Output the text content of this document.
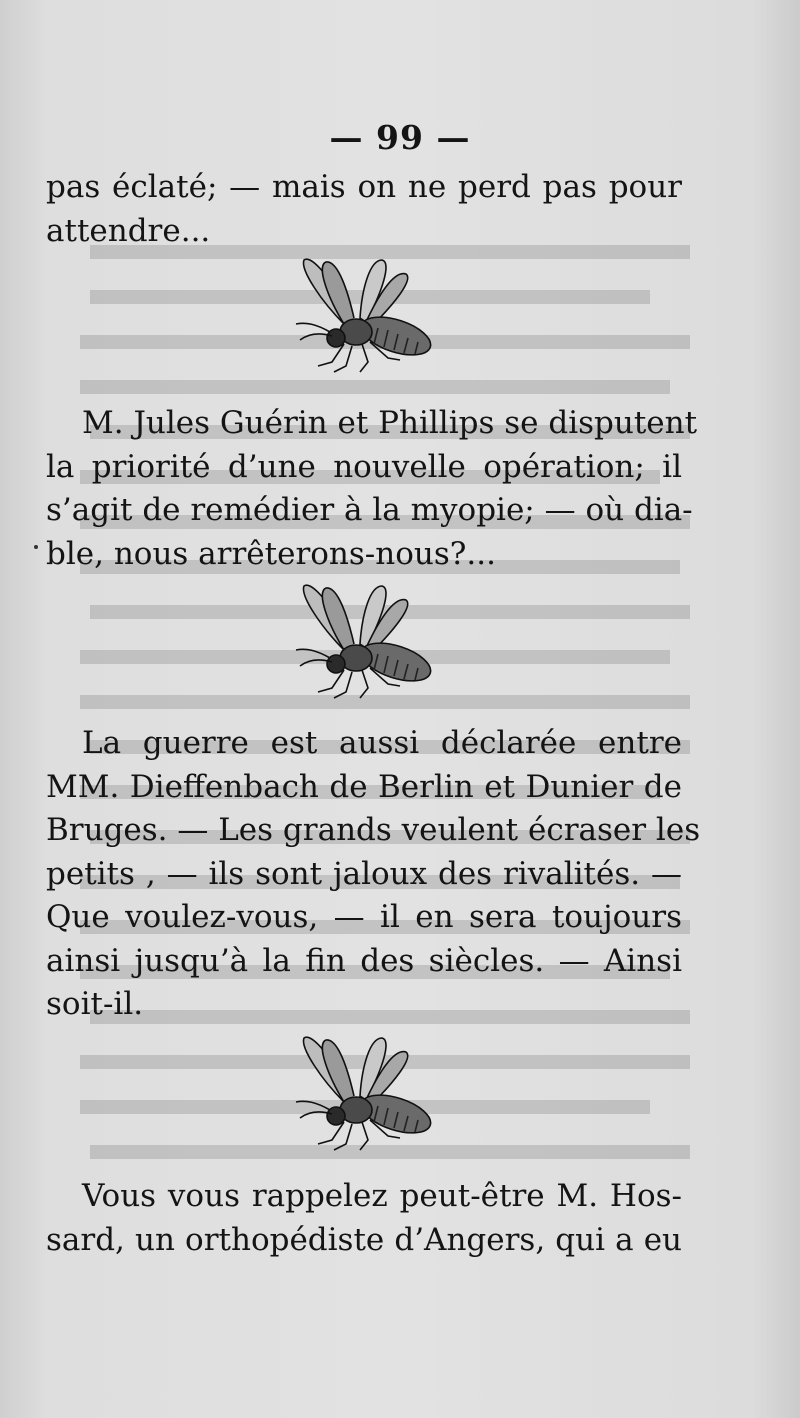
— 99 —

pas éclaté; — mais on ne perd pas pour
attendre...

M. Jules Guérin et Phillips se disputent
la priorité d’une nouvelle opération; il
s’agit de remédier à la myopie; — où dia-
ble, nous arrêterons-nous?...

La guerre est aussi déclarée entre
MM. Dieffenbach de Berlin et Dunier de
Bruges. — Les grands veulent écraser les
petits , — ils sont jaloux des rivalités. —
Que voulez-vous, — il en sera toujours
ainsi jusqu’à la fin des siècles. — Ainsi
soit-il.

Vous vous rappelez peut-être M. Hos-
sard, un orthopédiste d’Angers, qui a eu
